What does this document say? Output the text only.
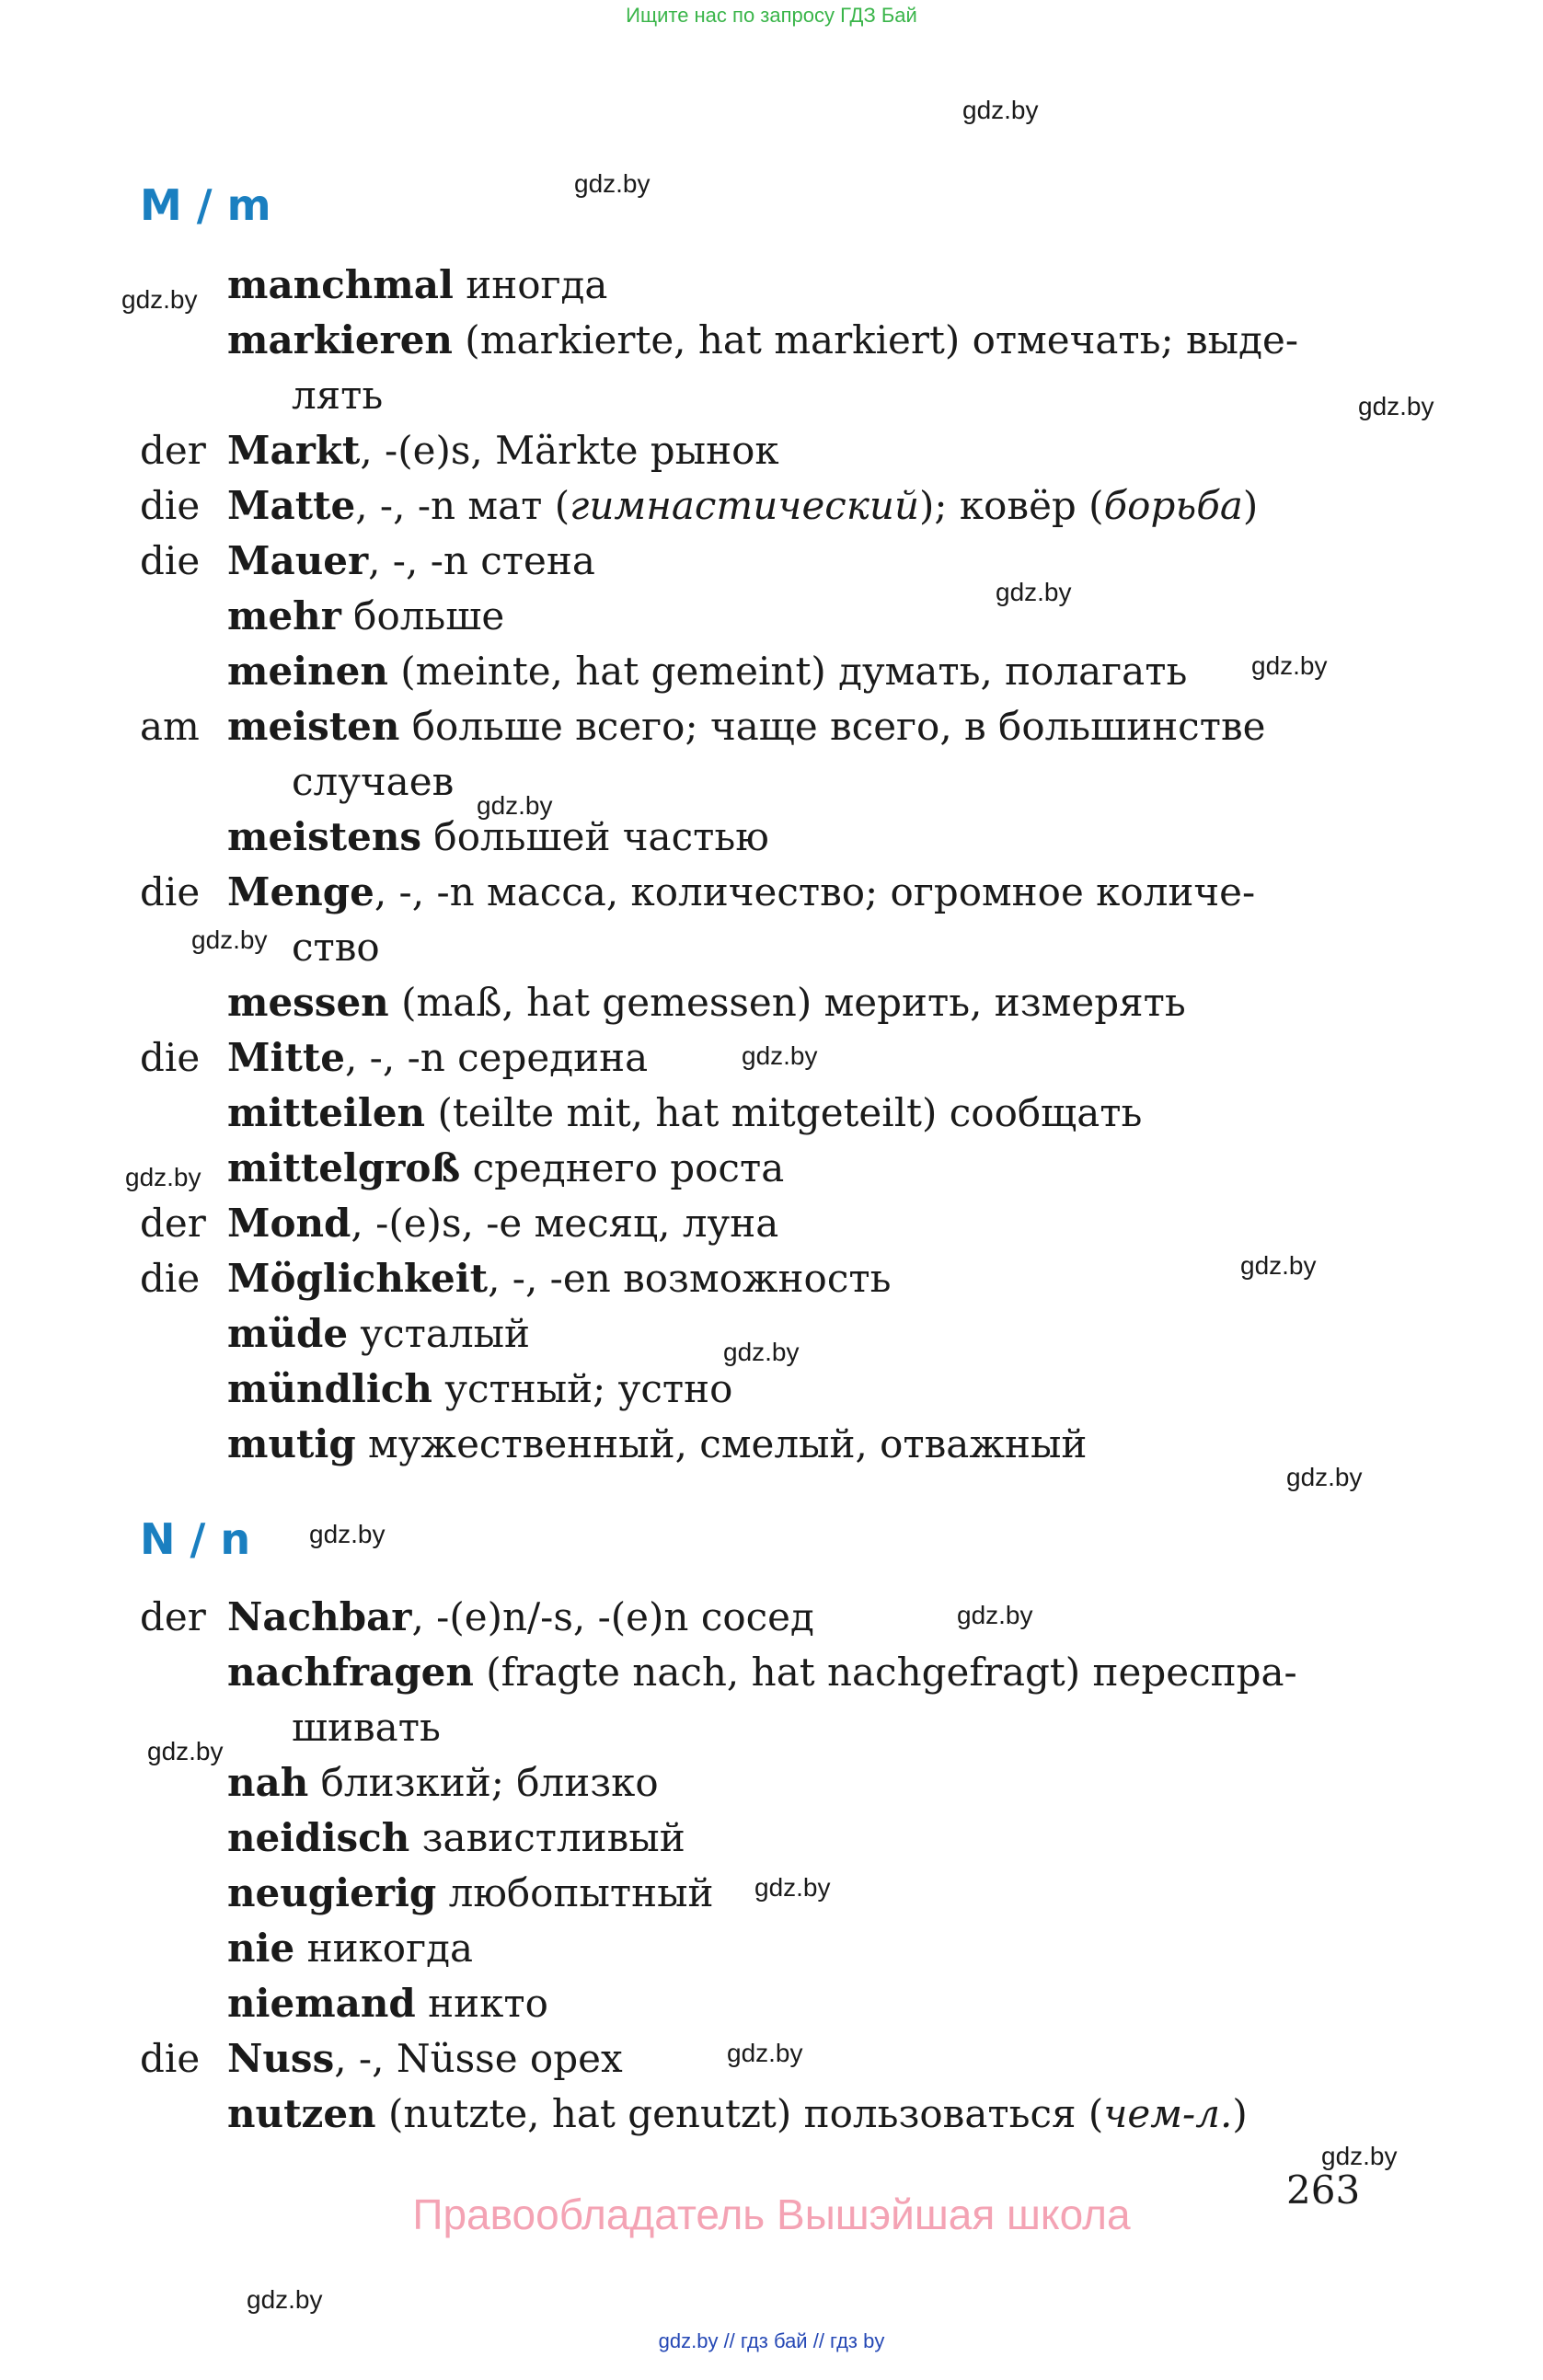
Ищите нас по запросу ГДЗ Бай
gdz.by
gdz.by
gdz.by
gdz.by
gdz.by
gdz.by
gdz.by
gdz.by
gdz.by
gdz.by
gdz.by
gdz.by
gdz.by
gdz.by
gdz.by
gdz.by
gdz.by
gdz.by
gdz.by
gdz.by
M / m
manchmal иногда
markieren (markierte, hat markiert) отмечать; выде-
лять
der Markt, -(e)s, Märkte рынок
die Matte, -, -n мат (гимнастический); ковёр (борьба)
die Mauer, -, -n стена
mehr больше
meinen (meinte, hat gemeint) думать, полагать
am meisten больше всего; чаще всего, в большинстве
случаев
meistens большей частью
die Menge, -, -n масса, количество; огромное количе-
ство
messen (maß, hat gemessen) мерить, измерять
die Mitte, -, -n середина
mitteilen (teilte mit, hat mitgeteilt) сообщать
mittelgroß среднего роста
der Mond, -(e)s, -e месяц, луна
die Möglichkeit, -, -en возможность
müde усталый
mündlich устный; устно
mutig мужественный, смелый, отважный
N / n
der Nachbar, -(e)n/-s, -(e)n сосед
nachfragen (fragte nach, hat nachgefragt) переспра-
шивать
nah близкий; близко
neidisch завистливый
neugierig любопытный
nie никогда
niemand никто
die Nuss, -, Nüsse орех
nutzen (nutzte, hat genutzt) пользоваться (чем-л.)
263
Правообладатель Вышэйшая школа
gdz.by // гдз бай // гдз by
